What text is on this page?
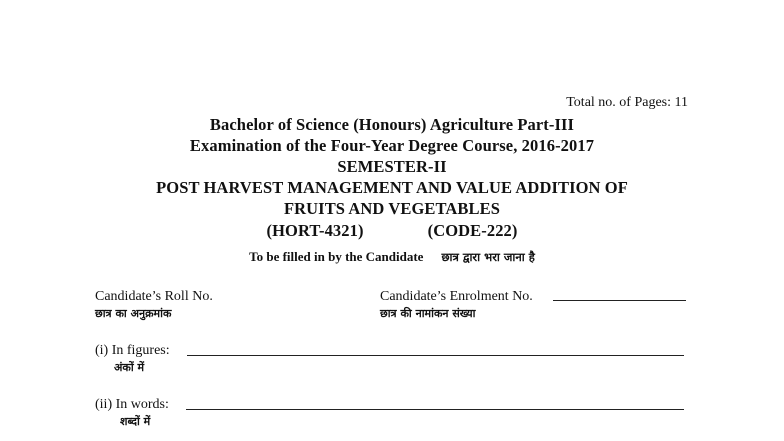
Total no. of Pages: 11
Bachelor of Science (Honours) Agriculture Part-III
Examination of the Four-Year Degree Course, 2016-2017
SEMESTER-II
POST HARVEST MANAGEMENT AND VALUE ADDITION OF
FRUITS AND VEGETABLES
(HORT-4321)	(CODE-222)
To be filled in by the Candidate छात्र द्वारा भरा जाना है
Candidate’s Roll No.
छात्र का अनुक्रमांक
Candidate’s Enrolment No.
छात्र की नामांकन संख्या
(i) In figures:
अंकों में
(ii) In words:
शब्दों में
